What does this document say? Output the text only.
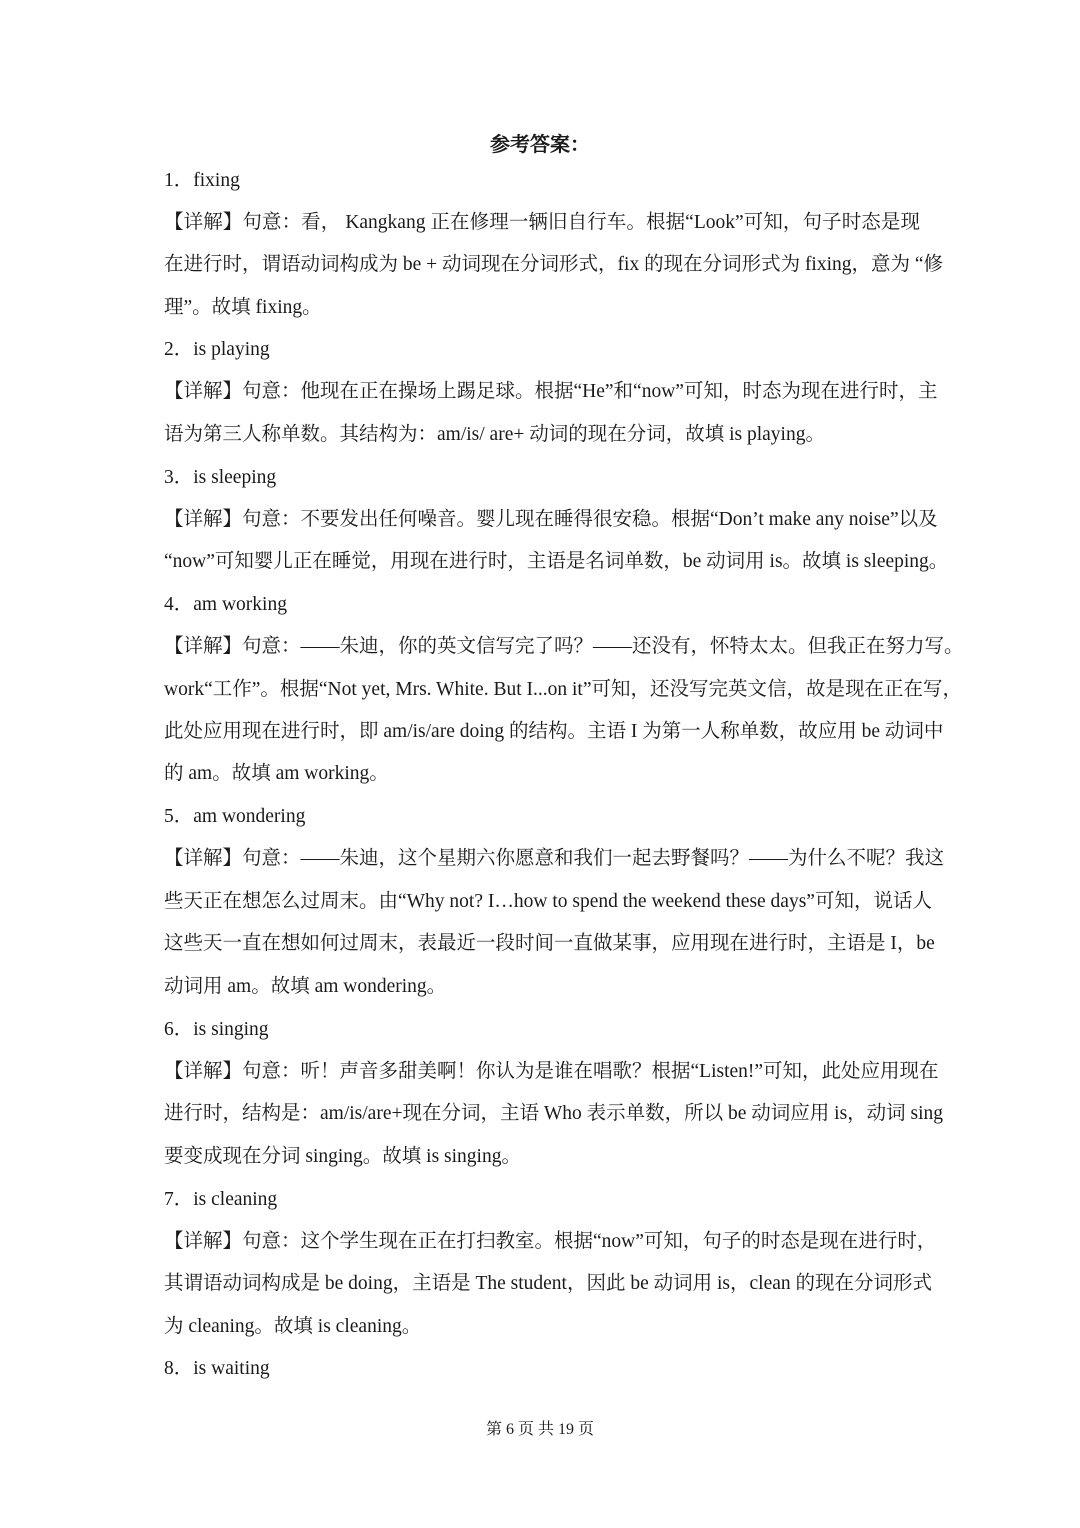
参考答案：
1．fixing
【详解】句意：看， Kangkang 正在修理一辆旧自行车。根据“Look”可知，句子时态是现
在进行时，谓语动词构成为 be + 动词现在分词形式，fix 的现在分词形式为 fixing，意为 “修
理”。故填 fixing。
2．is playing
【详解】句意：他现在正在操场上踢足球。根据“He”和“now”可知，时态为现在进行时，主
语为第三人称单数。其结构为：am/is/ are+ 动词的现在分词，故填 is playing。
3．is sleeping
【详解】句意：不要发出任何噪音。婴儿现在睡得很安稳。根据“Don’t make any noise”以及
“now”可知婴儿正在睡觉，用现在进行时，主语是名词单数，be 动词用 is。故填 is sleeping。
4．am working
【详解】句意：——朱迪，你的英文信写完了吗？——还没有，怀特太太。但我正在努力写。
work“工作”。根据“Not yet, Mrs. White. But I...on it”可知，还没写完英文信，故是现在正在写，
此处应用现在进行时，即 am/is/are doing 的结构。主语 I 为第一人称单数，故应用 be 动词中
的 am。故填 am working。
5．am wondering
【详解】句意：——朱迪，这个星期六你愿意和我们一起去野餐吗？——为什么不呢？我这
些天正在想怎么过周末。由“Why not? I…how to spend the weekend these days”可知，说话人
这些天一直在想如何过周末，表最近一段时间一直做某事，应用现在进行时，主语是 I，be
动词用 am。故填 am wondering。
6．is singing
【详解】句意：听！声音多甜美啊！你认为是谁在唱歌？根据“Listen!”可知，此处应用现在
进行时，结构是：am/is/are+现在分词，主语 Who 表示单数，所以 be 动词应用 is，动词 sing
要变成现在分词 singing。故填 is singing。
7．is cleaning
【详解】句意：这个学生现在正在打扫教室。根据“now”可知，句子的时态是现在进行时，
其谓语动词构成是 be doing，主语是 The student，因此 be 动词用 is，clean 的现在分词形式
为 cleaning。故填 is cleaning。
8．is waiting
第 6 页 共 19 页
